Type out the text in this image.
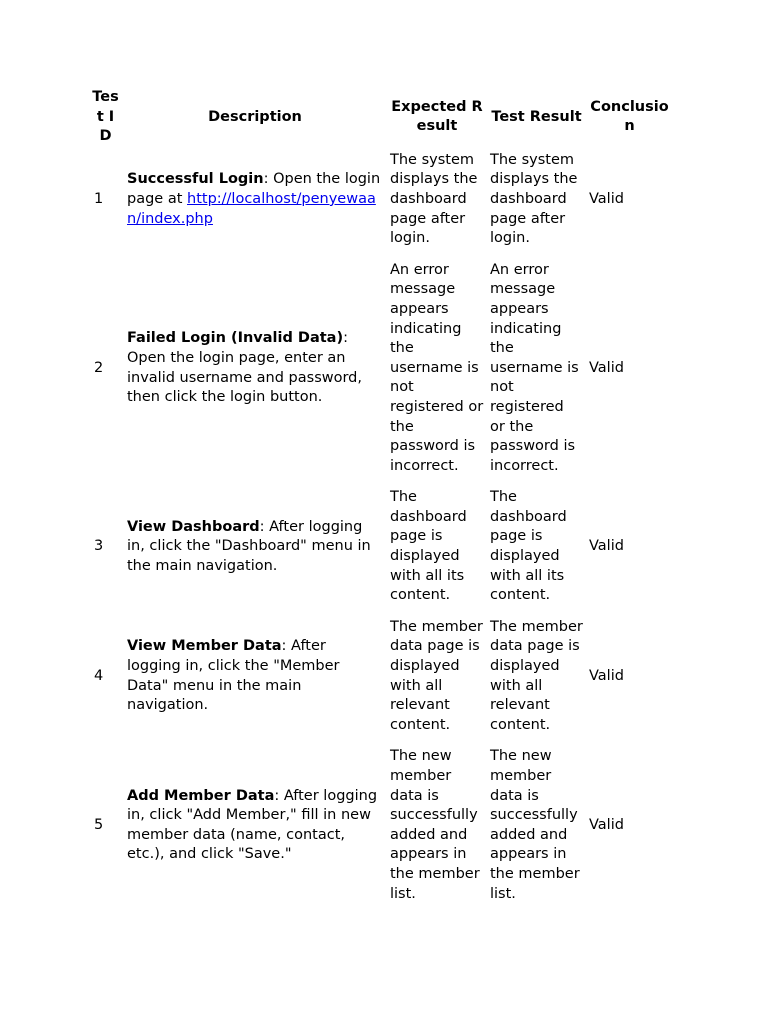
Test ID	Description	Expected Result	Test Result	Conclusion
1	Successful Login: Open the login page at http://localhost/penyewaan/index.php	The system displays the dashboard page after login.	The system displays the dashboard page after login.	Valid
2	Failed Login (Invalid Data): Open the login page, enter an invalid username and password, then click the login button.	An error message appears indicating the username is not registered or the password is incorrect.	An error message appears indicating the username is not registered or the password is incorrect.	Valid
3	View Dashboard: After logging in, click the "Dashboard" menu in the main navigation.	The dashboard page is displayed with all its content.	The dashboard page is displayed with all its content.	Valid
4	View Member Data: After logging in, click the "Member Data" menu in the main navigation.	The member data page is displayed with all relevant content.	The member data page is displayed with all relevant content.	Valid
5	Add Member Data: After logging in, click "Add Member," fill in new member data (name, contact, etc.), and click "Save."	The new member data is successfully added and appears in the member list.	The new member data is successfully added and appears in the member list.	Valid
